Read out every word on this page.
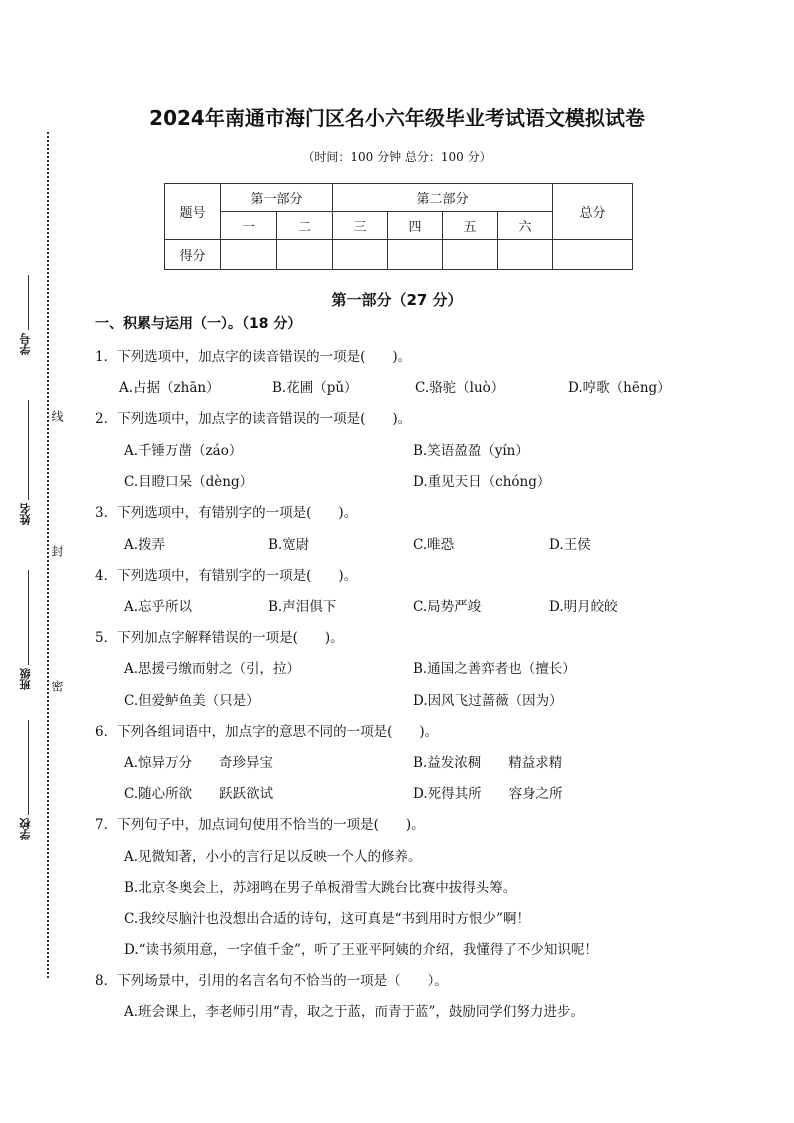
线
封
密
学号
姓名
班级
学校
2024年南通市海门区名小六年级毕业考试语文模拟试卷
（时间：100 分钟 总分：100 分）
题号	第一部分		第二部分				总分
	一	二	三	四	五	六	
得分							
第一部分（27 分）
一、积累与运用（一）。（18 分）
1．下列选项中，加点字的读音错误的一项是(　　)。
A.占据（zhān）	B.花圃（pǔ）	C.骆驼（luò）	D.哼歌（hēng）
2．下列选项中，加点字的读音错误的一项是(　　)。
A.千锤万凿（záo）	B.笑语盈盈（yín）
C.目瞪口呆（dèng）	D.重见天日（chóng）
3．下列选项中，有错别字的一项是(　　)。
A.拨弄	B.宽尉	C.唯恐	D.王侯
4．下列选项中，有错别字的一项是(　　)。
A.忘乎所以	B.声泪俱下	C.局势严竣	D.明月皎皎
5．下列加点字解释错误的一项是(　　)。
A.思援弓缴而射之（引，拉）	B.通国之善弈者也（擅长）
C.但爱鲈鱼美（只是）	D.因风飞过蔷薇（因为）
6．下列各组词语中，加点字的意思不同的一项是(　　)。
A.惊异万分　　奇珍异宝	B.益发浓稠　　精益求精
C.随心所欲　　跃跃欲试	D.死得其所　　容身之所
7．下列句子中，加点词句使用不恰当的一项是(　　)。
A.见微知著，小小的言行足以反映一个人的修养。
B.北京冬奥会上，苏翊鸣在男子单板滑雪大跳台比赛中拔得头筹。
C.我绞尽脑汁也没想出合适的诗句，这可真是“书到用时方恨少”啊！
D.“读书须用意，一字值千金”，听了王亚平阿姨的介绍，我懂得了不少知识呢！
8．下列场景中，引用的名言名句不恰当的一项是（　　）。
A.班会课上，李老师引用“青，取之于蓝，而青于蓝”，鼓励同学们努力进步。
